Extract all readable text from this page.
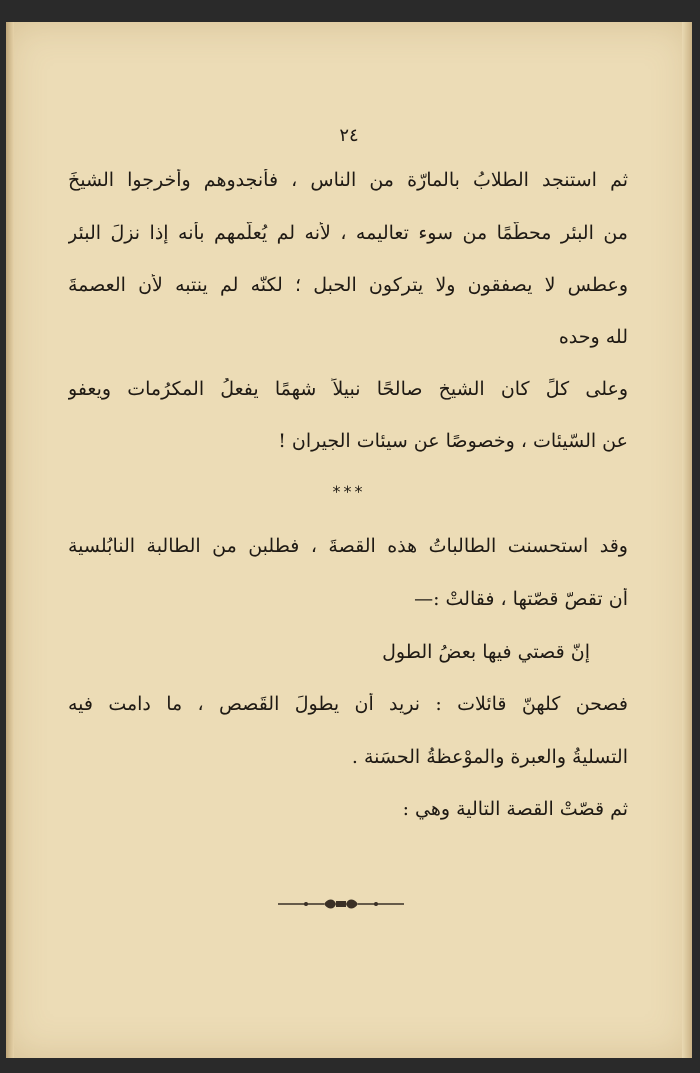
٢٤
ثم استنجد الطلابُ بالمارّة من الناس ، فأنجدوهم وأخرجوا الشيخَ
من البئر محطّمًا من سوء تعاليمه ، لأنه لم يُعلّمهم بأنه إذا نزلَ البئر
وعطس لا يصفقون ولا يتركون الحبل ؛ لكنّه لم ينتبه لأن العصمةَ
لله وحده
وعلى كلٍّ كان الشيخ صالحًا نبيلاً شهمًا يفعلُ المكرُمات ويعفو
عن السّيئات ، وخصوصًا عن سيئات الجيران !
***
وقد استحسنت الطالباتُ هذه القصةَ ، فطلبن من الطالبة النابُلسية
أن تقصّ قصّتها ، فقالتْ :—
إنّ قصتي فيها بعضُ الطول
فصحن كلهنّ قائلات : نريد أن يطولَ القَصص ، ما دامت فيه
التسليةُ والعبرة والموْعظةُ الحسَنة .
ثم قصّتْ القصة التالية وهي :
